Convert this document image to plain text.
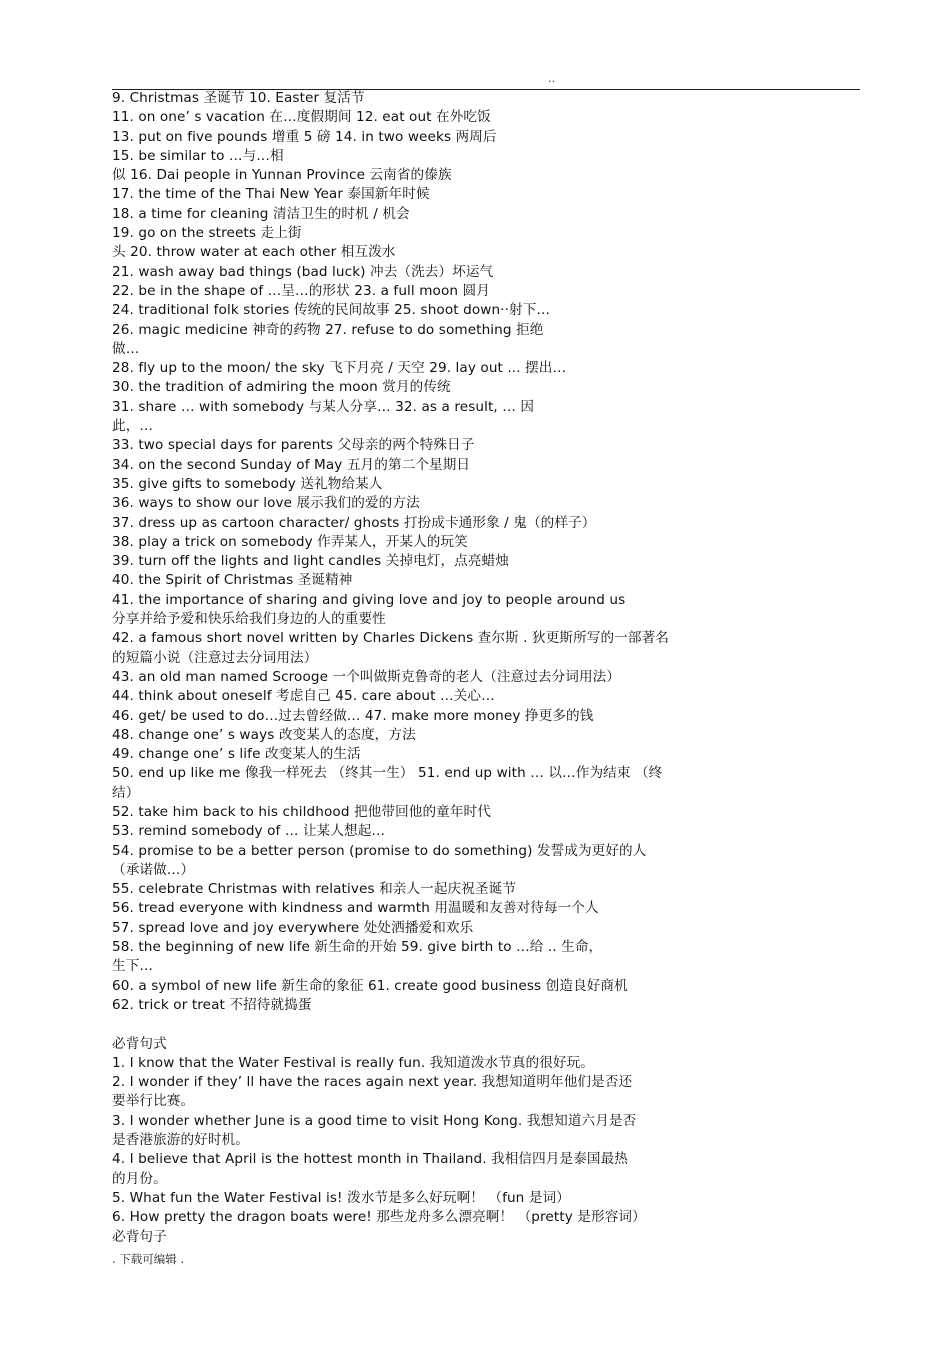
..
9. Christmas 圣诞节 10. Easter 复活节
11. on one’ s vacation 在…度假期间 12. eat out 在外吃饭
13. put on five pounds 增重 5 磅 14. in two weeks 两周后
15. be similar to …与…相
似 16. Dai people in Yunnan Province 云南省的傣族
17. the time of the Thai New Year 泰国新年时候
18. a time for cleaning 清洁卫生的时机 / 机会
19. go on the streets 走上街
头 20. throw water at each other 相互泼水
21. wash away bad things (bad luck) 冲去（洗去）坏运气
22. be in the shape of …呈…的形状 23. a full moon 圆月
24. traditional folk stories 传统的民间故事 25. shoot down··射下…
26. magic medicine 神奇的药物 27. refuse to do something 拒绝
做…
28. fly up to the moon/ the sky 飞下月亮 / 天空 29. lay out ... 摆出…
30. the tradition of admiring the moon 赏月的传统
31. share … with somebody 与某人分享… 32. as a result, … 因
此，…
33. two special days for parents 父母亲的两个特殊日子
34. on the second Sunday of May 五月的第二个星期日
35. give gifts to somebody 送礼物给某人
36. ways to show our love 展示我们的爱的方法
37. dress up as cartoon character/ ghosts 打扮成卡通形象 / 鬼（的样子）
38. play a trick on somebody 作弄某人，开某人的玩笑
39. turn off the lights and light candles 关掉电灯，点亮蜡烛
40. the Spirit of Christmas 圣诞精神
41. the importance of sharing and giving love and joy to people around us
分享并给予爱和快乐给我们身边的人的重要性
42. a famous short novel written by Charles Dickens 查尔斯 . 狄更斯所写的一部著名
的短篇小说（注意过去分词用法）
43. an old man named Scrooge 一个叫做斯克鲁奇的老人（注意过去分词用法）
44. think about oneself 考虑自己 45. care about …关心…
46. get/ be used to do…过去曾经做… 47. make more money 挣更多的钱
48. change one’ s ways 改变某人的态度，方法
49. change one’ s life 改变某人的生活
50. end up like me 像我一样死去 （终其一生） 51. end up with … 以…作为结束 （终
结）
52. take him back to his childhood 把他带回他的童年时代
53. remind somebody of … 让某人想起…
54. promise to be a better person (promise to do something) 发誓成为更好的人
（承诺做…）
55. celebrate Christmas with relatives 和亲人一起庆祝圣诞节
56. tread everyone with kindness and warmth 用温暖和友善对待每一个人
57. spread love and joy everywhere 处处洒播爱和欢乐
58. the beginning of new life 新生命的开始 59. give birth to …给 .. 生命，
生下…
60. a symbol of new life 新生命的象征 61. create good business 创造良好商机
62. trick or treat 不招待就捣蛋
必背句式
1. I know that the Water Festival is really fun. 我知道泼水节真的很好玩。
2. I wonder if they’ ll have the races again next year. 我想知道明年他们是否还
要举行比赛。
3. I wonder whether June is a good time to visit Hong Kong. 我想知道六月是否
是香港旅游的好时机。
4. I believe that April is the hottest month in Thailand. 我相信四月是泰国最热
的月份。
5. What fun the Water Festival is! 泼水节是多么好玩啊！ （fun 是词）
6. How pretty the dragon boats were! 那些龙舟多么漂亮啊！ （pretty 是形容词）
必背句子
. 下载可编辑 .
